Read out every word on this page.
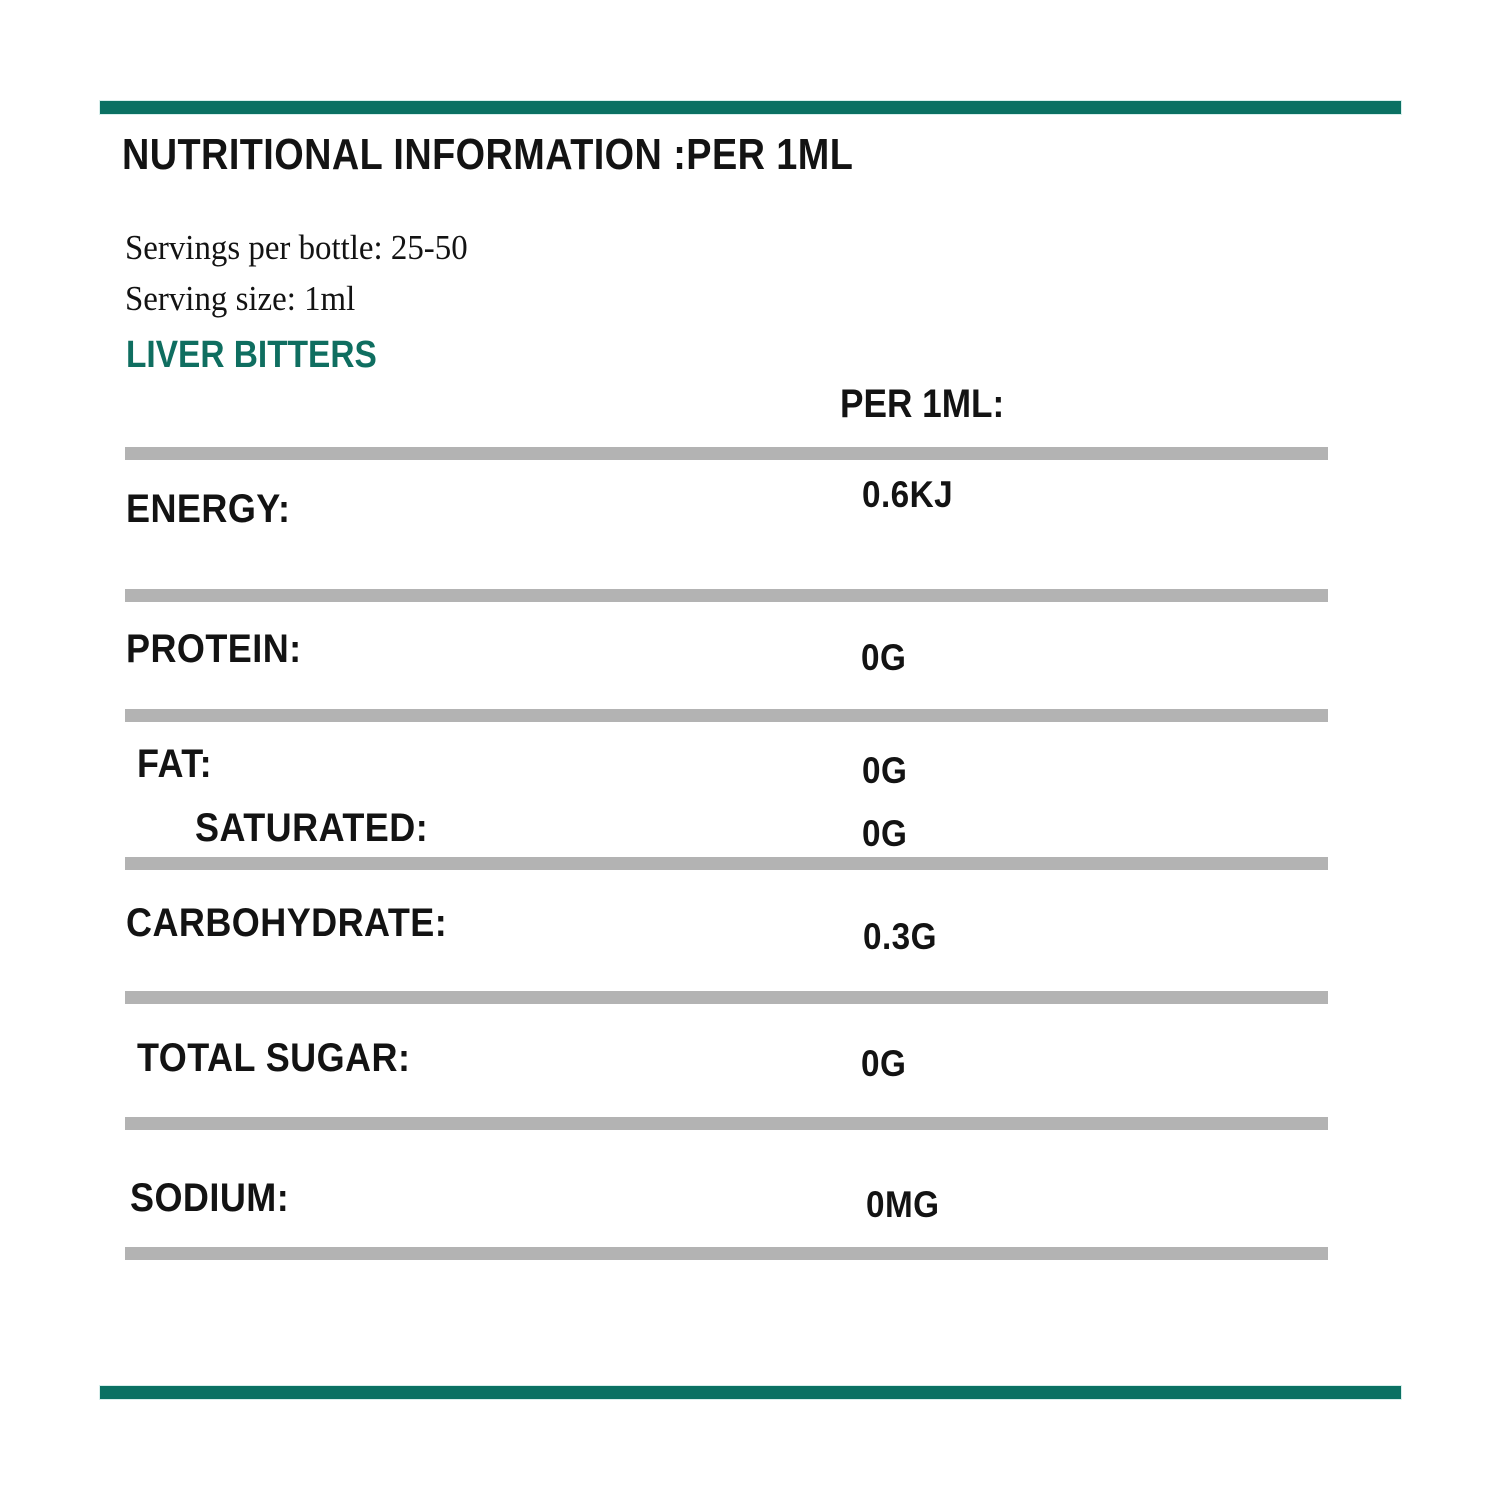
NUTRITIONAL INFORMATION :PER 1ML
Servings per bottle: 25-50
Serving size: 1ml
LIVER BITTERS
PER 1ML:
ENERGY:	0.6KJ
PROTEIN:	0G
FAT:	0G
SATURATED:	0G
CARBOHYDRATE:	0.3G
TOTAL SUGAR:	0G
SODIUM:	0MG
